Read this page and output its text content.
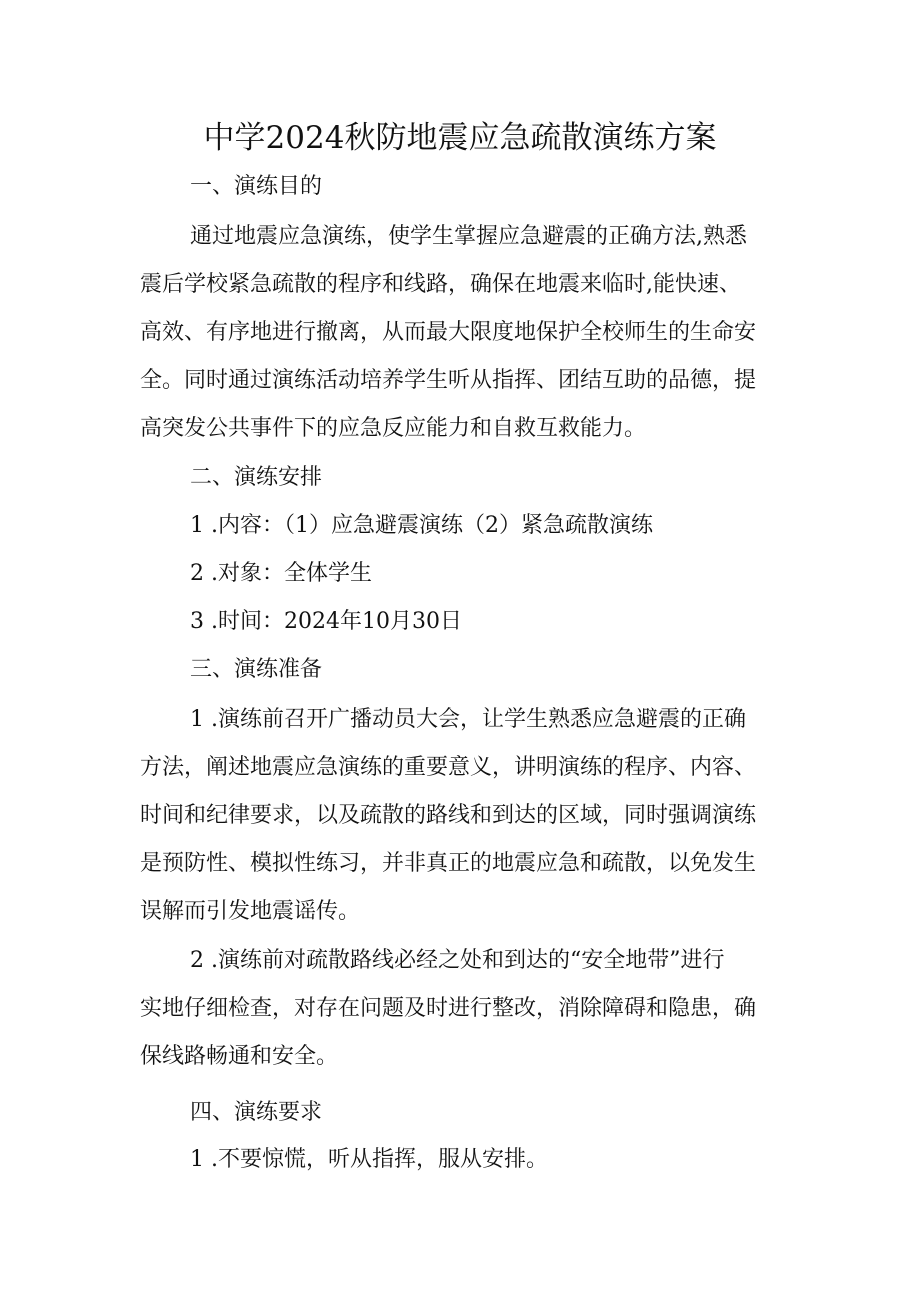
中学2024秋防地震应急疏散演练方案

一、演练目的

通过地震应急演练，使学生掌握应急避震的正确方法,熟悉

震后学校紧急疏散的程序和线路，确保在地震来临时,能快速、

高效、有序地进行撤离，从而最大限度地保护全校师生的生命安

全。同时通过演练活动培养学生听从指挥、团结互助的品德，提

高突发公共事件下的应急反应能力和自救互救能力。

二、演练安排

1 .内容：（1）应急避震演练（2）紧急疏散演练

2 .对象：全体学生

3 .时间：2024年10月30日

三、演练准备

1 .演练前召开广播动员大会，让学生熟悉应急避震的正确

方法，阐述地震应急演练的重要意义，讲明演练的程序、内容、

时间和纪律要求，以及疏散的路线和到达的区域，同时强调演练

是预防性、模拟性练习，并非真正的地震应急和疏散，以免发生

误解而引发地震谣传。

2 .演练前对疏散路线必经之处和到达的“安全地带”进行

实地仔细检查，对存在问题及时进行整改，消除障碍和隐患，确

保线路畅通和安全。

四、演练要求

1 .不要惊慌，听从指挥，服从安排。
